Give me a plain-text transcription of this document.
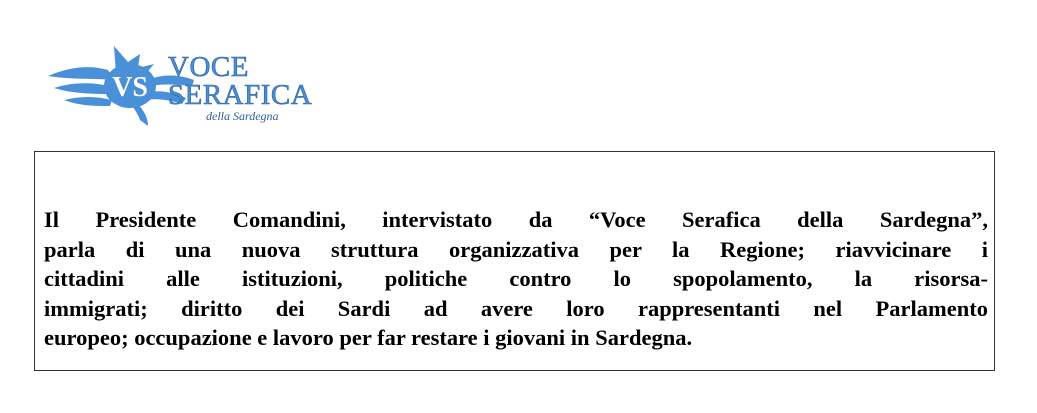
VS
VOCE
SERAFICA
della Sardegna

Il Presidente Comandini, intervistato da “Voce Serafica della Sardegna”,
parla di una nuova struttura organizzativa per la Regione; riavvicinare i
cittadini alle istituzioni, politiche contro lo spopolamento, la risorsa-
immigrati; diritto dei Sardi ad avere loro rappresentanti nel Parlamento
europeo; occupazione e lavoro per far restare i giovani in Sardegna.
